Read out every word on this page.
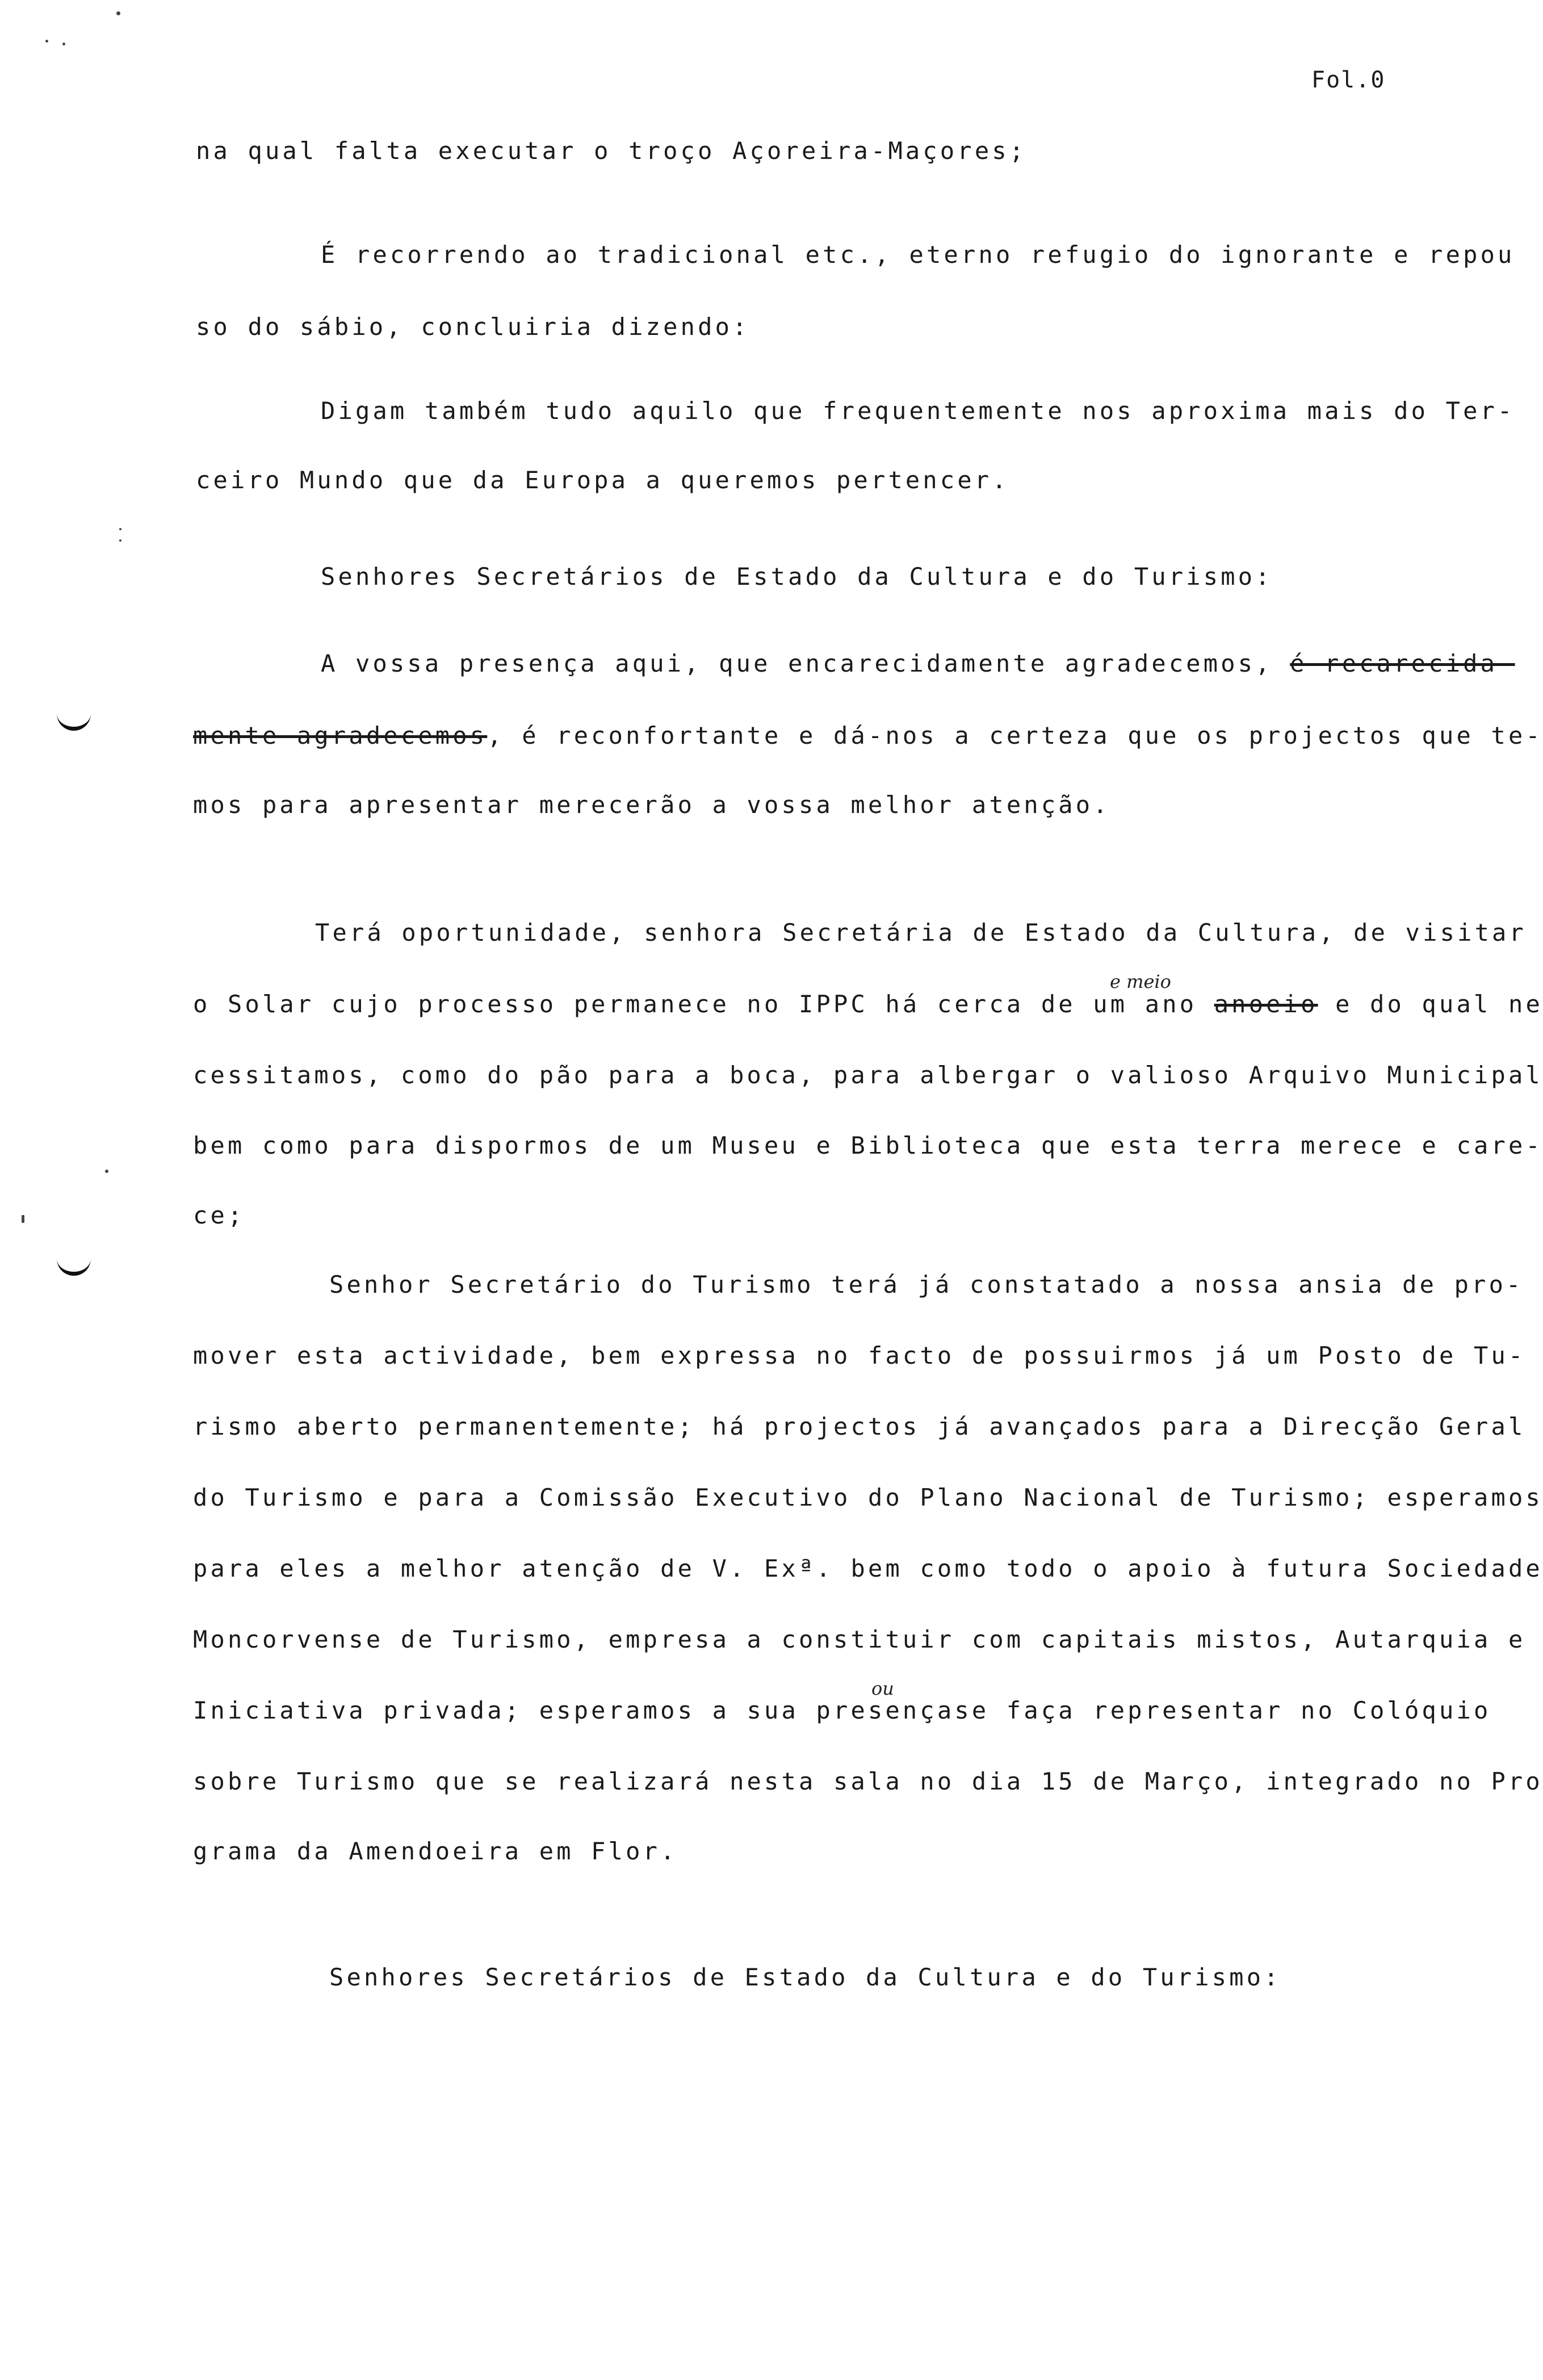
Fol.0
na qual falta executar o troço Açoreira-Maçores;
É recorrendo ao tradicional etc., eterno refugio do ignorante e repou
so do sábio, concluiria dizendo:
Digam também tudo aquilo que frequentemente nos aproxima mais do Ter-
ceiro Mundo que da Europa a queremos pertencer.
Senhores Secretários de Estado da Cultura e do Turismo:
A vossa presença aqui, que encarecidamente agradecemos, é recarecida-
mente agradecemos, é reconfortante e dá-nos a certeza que os projectos que te-
mos para apresentar merecerão a vossa melhor atenção.
Terá oportunidade, senhora Secretária de Estado da Cultura, de visitar
e meio
o Solar cujo processo permanece no IPPC há cerca de um ano anoeio e do qual ne
cessitamos, como do pão para a boca, para albergar o valioso Arquivo Municipal
bem como para dispormos de um Museu e Biblioteca que esta terra merece e care-
ce;
Senhor Secretário do Turismo terá já constatado a nossa ansia de pro-
mover esta actividade, bem expressa no facto de possuirmos já um Posto de Tu-
rismo aberto permanentemente; há projectos já avançados para a Direcção Geral
do Turismo e para a Comissão Executivo do Plano Nacional de Turismo; esperamos
para eles a melhor atenção de V. Exª. bem como todo o apoio à futura Sociedade
Moncorvense de Turismo, empresa a constituir com capitais mistos, Autarquia e
ou
Iniciativa privada; esperamos a sua presençase faça representar no Colóquio
sobre Turismo que se realizará nesta sala no dia 15 de Março, integrado no Pro
grama da Amendoeira em Flor.
Senhores Secretários de Estado da Cultura e do Turismo:
